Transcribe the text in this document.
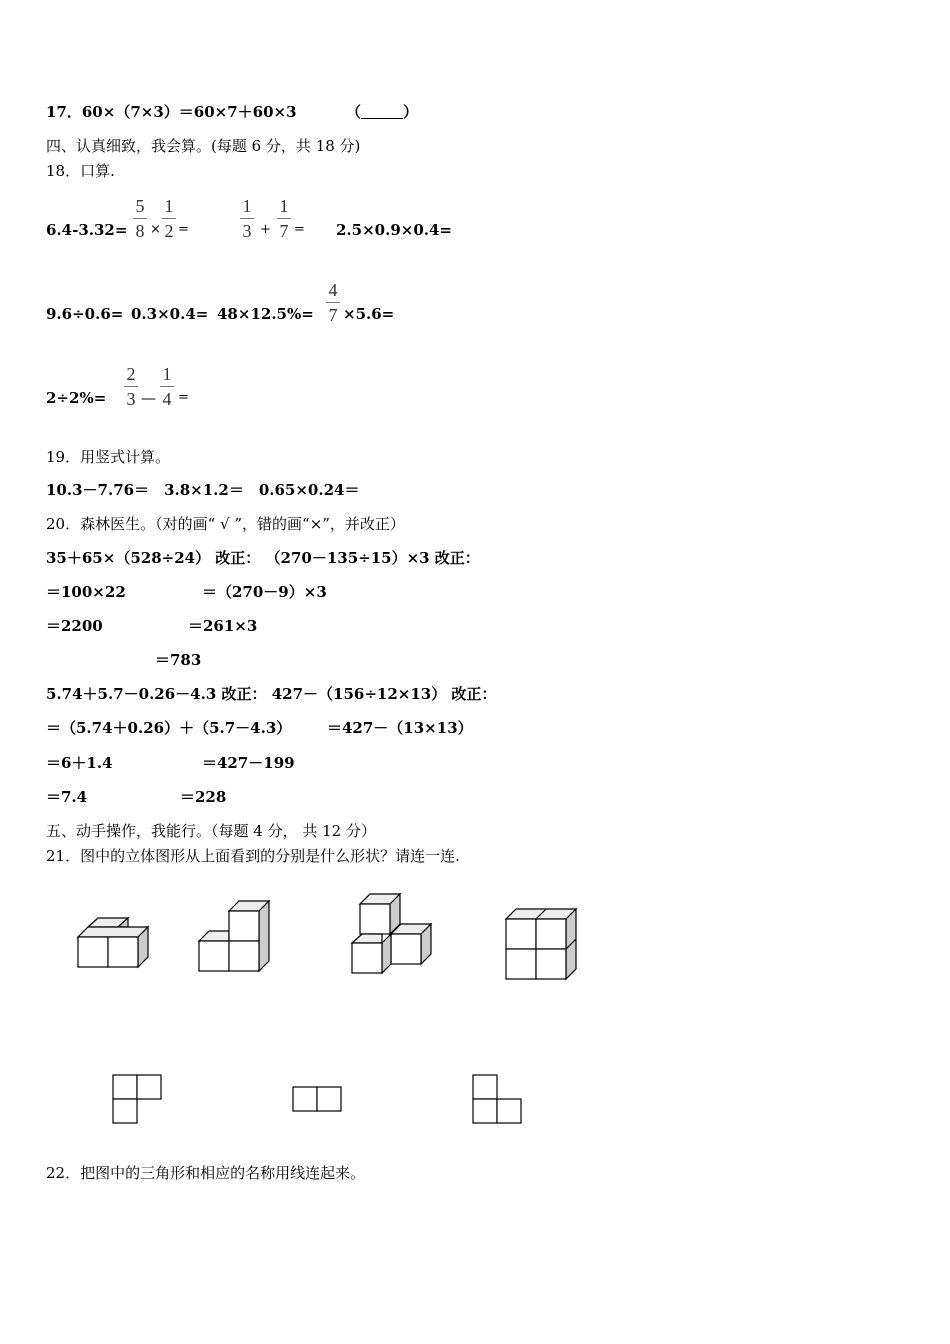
17．60×（7×3）＝60×7＋60×3	（	）
四、认真细致，我会算。(每题 6 分，共 18 分)
18．口算.
6.4-3.32=
5
8 ×
1
2 =
1
3 +
1
7 = 2.5×0.9×0.4=
9.6÷0.6= 0.3×0.4= 48×12.5%=
4
7 ×5.6=
2÷2%=
2
3 —
1
4 =
19．用竖式计算。
10.3－7.76＝　3.8×1.2＝　0.65×0.24＝
20．森林医生。（对的画“ √ ”，错的画“×”，并改正）
35＋65×（528÷24） 改正： （270－135÷15）×3 改正：
＝100×22	＝（270－9）×3
＝2200	＝261×3
＝783
5.74＋5.7－0.26－4.3 改正： 427－（156÷12×13） 改正：
＝（5.74＋0.26）＋（5.7－4.3） ＝427－（13×13）
＝6＋1.4	＝427－199
＝7.4	＝228
五、动手操作，我能行。（每题 4 分， 共 12 分）
21．图中的立体图形从上面看到的分别是什么形状？请连一连.
22．把图中的三角形和相应的名称用线连起来。
